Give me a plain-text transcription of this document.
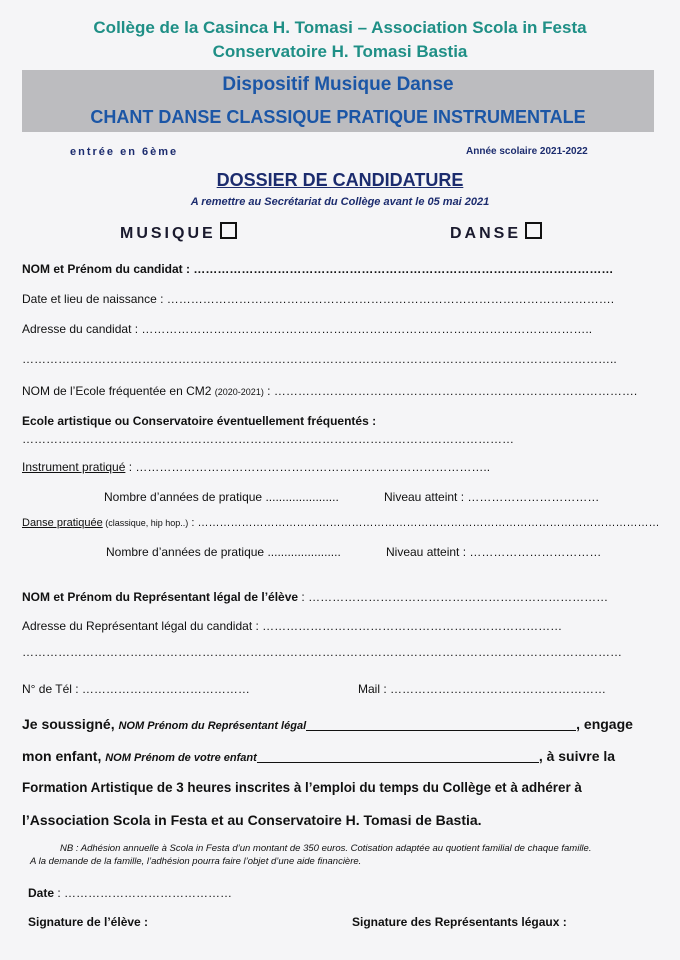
Collège de la Casinca H. Tomasi – Association Scola in Festa
Conservatoire H. Tomasi Bastia
Dispositif Musique Danse
CHANT DANSE CLASSIQUE PRATIQUE INSTRUMENTALE
entrée en 6ème	Année scolaire 2021-2022
DOSSIER DE CANDIDATURE
A remettre au Secrétariat du Collège avant le 05 mai 2021
MUSIQUE	DANSE
NOM et Prénom du candidat : ……………………………………………………………………………………………
Date et lieu de naissance : ………………………………………………………………………………………………….
Adresse du candidat : …………………………………………………………………………………………………..
…………………………………………………………………………………………………………………………………..
NOM de l’Ecole fréquentée en CM2 (2020-2021) : ……………………………………………………………………………….
Ecole artistique ou Conservatoire éventuellement fréquentés :
……………………………………………………………………………………………………………
Instrument pratiqué : ……………………………………………………………………………..
Nombre d’années de pratique ......................	Niveau atteint : ……………………………
Danse pratiquée (classique, hip hop..) : ………………………………………………………………………………………………………………
Nombre d’années de pratique ......................	Niveau atteint : ……………………………
NOM et Prénom du Représentant légal de l’élève : …………………………………………………………………
Adresse du Représentant légal du candidat : …………………………………………………………………
……………………………………………………………………………………………………………………………………
N° de Tél : ……………………………………	Mail : ………………………………………………
Je soussigné, NOM Prénom du Représentant légal	, engage
mon enfant, NOM Prénom de votre enfant	, à suivre la
Formation Artistique de 3 heures inscrites à l’emploi du temps du Collège et à adhérer à
l’Association Scola in Festa et au Conservatoire H. Tomasi de Bastia.
NB : Adhésion annuelle à Scola in Festa d’un montant de 350 euros. Cotisation adaptée au quotient familial de chaque famille.
A la demande de la famille, l’adhésion pourra faire l’objet d’une aide financière.
Date : ……………………………………
Signature de l’élève :	Signature des Représentants légaux :
